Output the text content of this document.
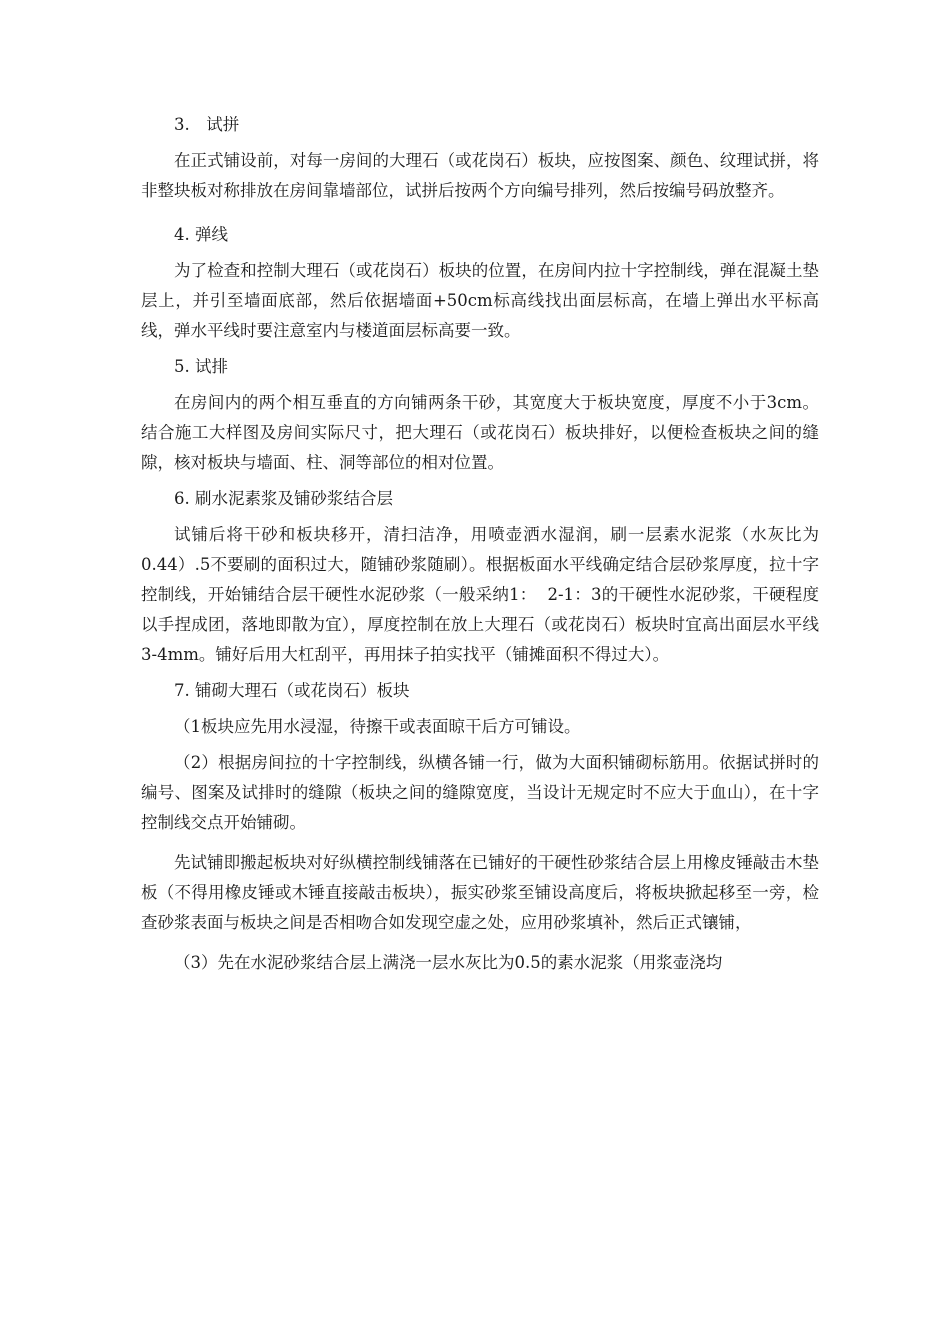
3.　试拼

在正式铺设前，对每一房间的大理石（或花岗石）板块，应按图案、颜色、纹理试拼，将非整块板对称排放在房间靠墙部位，试拼后按两个方向编号排列，然后按编号码放整齐。

4. 弹线

为了检查和控制大理石（或花岗石）板块的位置，在房间内拉十字控制线，弹在混凝土垫层上，并引至墙面底部，然后依据墙面+50cm标高线找出面层标高，在墙上弹出水平标高线，弹水平线时要注意室内与楼道面层标高要一致。

5. 试排

在房间内的两个相互垂直的方向铺两条干砂，其宽度大于板块宽度，厚度不小于3cm。结合施工大样图及房间实际尺寸，把大理石（或花岗石）板块排好，以便检查板块之间的缝隙，核对板块与墙面、柱、洞等部位的相对位置。

6. 刷水泥素浆及铺砂浆结合层

试铺后将干砂和板块移开，清扫洁净，用喷壶洒水湿润，刷一层素水泥浆（水灰比为0.44）.5不要刷的面积过大，随铺砂浆随刷）。根据板面水平线确定结合层砂浆厚度，拉十字控制线，开始铺结合层干硬性水泥砂浆（一般采纳1：  2-1：3的干硬性水泥砂浆，干硬程度以手捏成团，落地即散为宜），厚度控制在放上大理石（或花岗石）板块时宜高出面层水平线3-4mm。铺好后用大杠刮平，再用抹子拍实找平（铺摊面积不得过大）。

7. 铺砌大理石（或花岗石）板块

（1板块应先用水浸湿，待擦干或表面晾干后方可铺设。

（2）根据房间拉的十字控制线，纵横各铺一行，做为大面积铺砌标筋用。依据试拼时的编号、图案及试排时的缝隙（板块之间的缝隙宽度，当设计无规定时不应大于血山），在十字控制线交点开始铺砌。

先试铺即搬起板块对好纵横控制线铺落在已铺好的干硬性砂浆结合层上用橡皮锤敲击木垫板（不得用橡皮锤或木锤直接敲击板块），振实砂浆至铺设高度后，将板块掀起移至一旁，检查砂浆表面与板块之间是否相吻合如发现空虚之处，应用砂浆填补，然后正式镶铺，

（3）先在水泥砂浆结合层上满浇一层水灰比为0.5的素水泥浆（用浆壶浇均
